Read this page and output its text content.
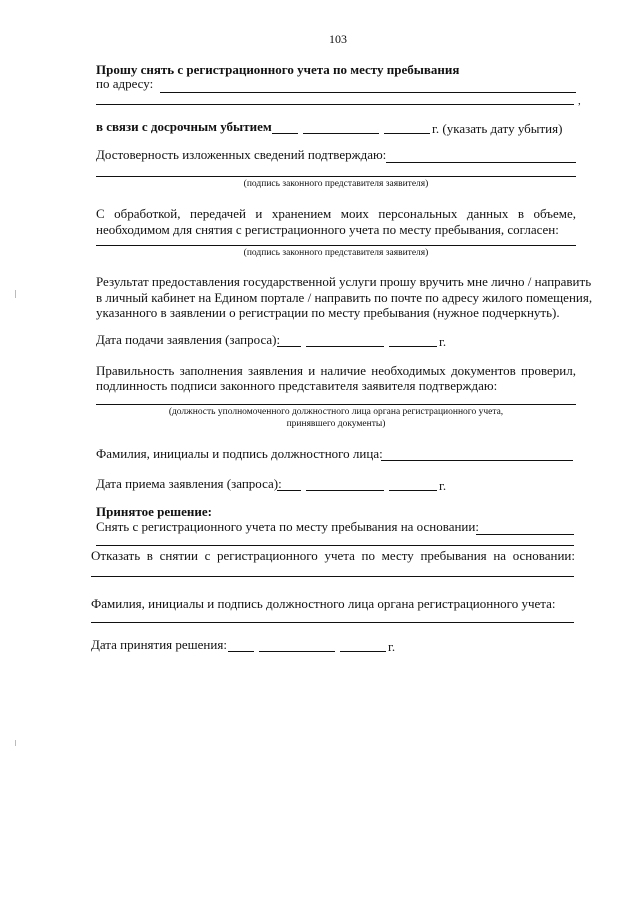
103
Прошу снять с регистрационного учета по месту пребывания
по адресу:
,
в связи с досрочным убытием	г. (указать дату убытия)
Достоверность изложенных сведений подтверждаю:
(подпись законного представителя заявителя)
С обработкой, передачей и хранением моих персональных данных в объеме,
необходимом для снятия с регистрационного учета по месту пребывания, согласен:
(подпись законного представителя заявителя)
Результат предоставления государственной услуги прошу вручить мне лично / направить
в личный кабинет на Едином портале / направить по почте по адресу жилого помещения,
указанного в заявлении о регистрации по месту пребывания (нужное подчеркнуть).
Дата подачи заявления (запроса):	г.
Правильность заполнения заявления и наличие необходимых документов проверил,
подлинность подписи законного представителя заявителя подтверждаю:
(должность уполномоченного должностного лица органа регистрационного учета,
принявшего документы)
Фамилия, инициалы и подпись должностного лица:
Дата приема заявления (запроса):	г.
Принятое решение:
Снять с регистрационного учета по месту пребывания на основании:
Отказать в снятии с регистрационного учета по месту пребывания на основании:
Фамилия, инициалы и подпись должностного лица органа регистрационного учета:
Дата принятия решения:	г.
